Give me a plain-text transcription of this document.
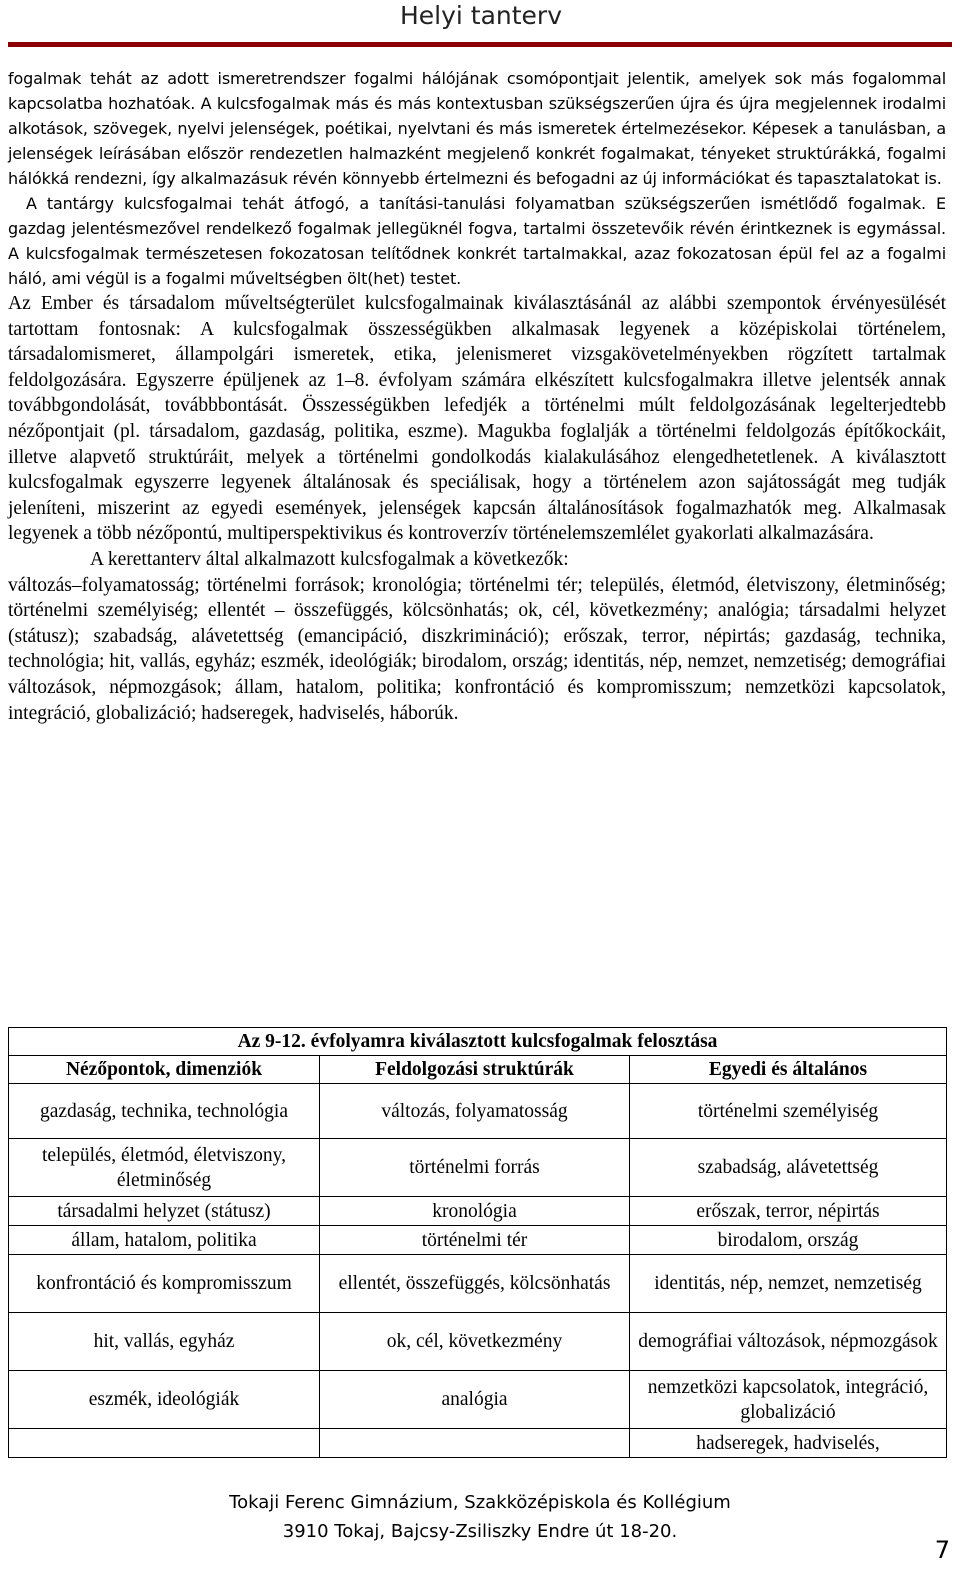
Helyi tanterv

fogalmak tehát az adott ismeretrendszer fogalmi hálójának csomópontjait jelentik, amelyek sok más fogalommal kapcsolatba hozhatóak. A kulcsfogalmak más és más kontextusban szükségszerűen újra és újra megjelennek irodalmi alkotások, szövegek, nyelvi jelenségek, poétikai, nyelvtani és más ismeretek értelmezésekor. Képesek a tanulásban, a jelenségek leírásában először rendezetlen halmazként megjelenő konkrét fogalmakat, tényeket struktúrákká, fogalmi hálókká rendezni, így alkalmazásuk révén könnyebb értelmezni és befogadni az új információkat és tapasztalatokat is.

A tantárgy kulcsfogalmai tehát átfogó, a tanítási-tanulási folyamatban szükségszerűen ismétlődő fogalmak. E gazdag jelentésmezővel rendelkező fogalmak jellegüknél fogva, tartalmi összetevőik révén érintkeznek is egymással. A kulcsfogalmak természetesen fokozatosan telítődnek konkrét tartalmakkal, azaz fokozatosan épül fel az a fogalmi háló, ami végül is a fogalmi műveltségben ölt(het) testet.

Az Ember és társadalom műveltségterület kulcsfogalmainak kiválasztásánál az alábbi szempontok érvényesülését tartottam fontosnak: A kulcsfogalmak összességükben alkalmasak legyenek a középiskolai történelem, társadalomismeret, állampolgári ismeretek, etika, jelenismeret vizsgakövetelményekben rögzített tartalmak feldolgozására. Egyszerre épüljenek az 1–8. évfolyam számára elkészített kulcsfogalmakra illetve jelentsék annak továbbgondolását, továbbbontását. Összességükben lefedjék a történelmi múlt feldolgozásának legelterjedtebb nézőpontjait (pl. társadalom, gazdaság, politika, eszme). Magukba foglalják a történelmi feldolgozás építőkockáit, illetve alapvető struktúráit, melyek a történelmi gondolkodás kialakulásához elengedhetetlenek. A kiválasztott kulcsfogalmak egyszerre legyenek általánosak és speciálisak, hogy a történelem azon sajátosságát meg tudják jeleníteni, miszerint az egyedi események, jelenségek kapcsán általánosítások fogalmazhatók meg. Alkalmasak legyenek a több nézőpontú, multiperspektivikus és kontroverzív történelemszemlélet gyakorlati alkalmazására.

A kerettanterv által alkalmazott kulcsfogalmak a következők:

változás–folyamatosság; történelmi források; kronológia; történelmi tér; település, életmód, életviszony, életminőség; történelmi személyiség; ellentét – összefüggés, kölcsönhatás; ok, cél, következmény; analógia; társadalmi helyzet (státusz); szabadság, alávetettség (emancipáció, diszkrimináció); erőszak, terror, népirtás; gazdaság, technika, technológia; hit, vallás, egyház; eszmék, ideológiák; birodalom, ország; identitás, nép, nemzet, nemzetiség; demográfiai változások, népmozgások; állam, hatalom, politika; konfrontáció és kompromisszum; nemzetközi kapcsolatok, integráció, globalizáció; hadseregek, hadviselés, háborúk.

Az 9-12. évfolyamra kiválasztott kulcsfogalmak felosztása		
Nézőpontok, dimenziók	Feldolgozási struktúrák	Egyedi és általános
gazdaság, technika, technológia	változás, folyamatosság	történelmi személyiség
település, életmód, életviszony, életminőség	történelmi forrás	szabadság, alávetettség
társadalmi helyzet (státusz)	kronológia	erőszak, terror, népirtás
állam, hatalom, politika	történelmi tér	birodalom, ország
konfrontáció és kompromisszum	ellentét, összefüggés, kölcsönhatás	identitás, nép, nemzet, nemzetiség
hit, vallás, egyház	ok, cél, következmény	demográfiai változások, népmozgások
eszmék, ideológiák	analógia	nemzetközi kapcsolatok, integráció, globalizáció
		hadseregek, hadviselés,
Tokaji Ferenc Gimnázium, Szakközépiskola és Kollégium
3910 Tokaj, Bajcsy-Zsiliszky Endre út 18-20.
7
